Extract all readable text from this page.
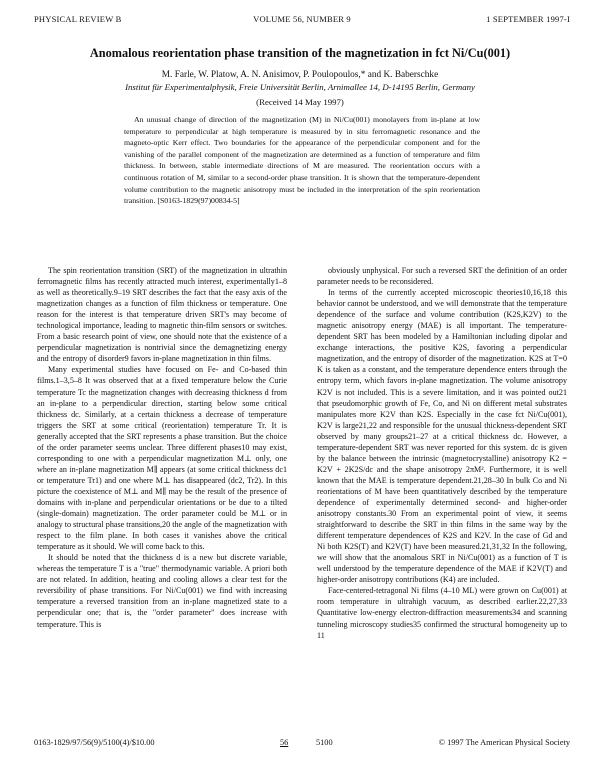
PHYSICAL REVIEW B	VOLUME 56, NUMBER 9	1 SEPTEMBER 1997-I
Anomalous reorientation phase transition of the magnetization in fct Ni/Cu(001)
M. Farle, W. Platow, A. N. Anisimov, P. Poulopoulos,* and K. Baberschke
Institut für Experimentalphysik, Freie Universität Berlin, Arnimallee 14, D-14195 Berlin, Germany
(Received 14 May 1997)
An unusual change of direction of the magnetization (M) in Ni/Cu(001) monolayers from in-plane at low temperature to perpendicular at high temperature is measured by in situ ferromagnetic resonance and the magneto-optic Kerr effect. Two boundaries for the appearance of the perpendicular component and for the vanishing of the parallel component of the magnetization are determined as a function of temperature and film thickness. In between, stable intermediate directions of M are measured. The reorientation occurs with a continuous rotation of M, similar to a second-order phase transition. It is shown that the temperature-dependent volume contribution to the magnetic anisotropy must be included in the interpretation of the spin reorientation transition. [S0163-1829(97)00834-5]

The spin reorientation transition (SRT) of the magnetization in ultrathin ferromagnetic films has recently attracted much interest, experimentally1–8 as well as theoretically.9–19 SRT describes the fact that the easy axis of the magnetization changes as a function of film thickness or temperature. One reason for the interest is that temperature driven SRT's may become of technological importance, leading to magnetic thin-film sensors or switches. From a basic research point of view, one should note that the existence of a perpendicular magnetization is nontrivial since the demagnetizing energy and the entropy of disorder9 favors in-plane magnetization in thin films.

Many experimental studies have focused on Fe- and Co-based thin films.1–3,5–8 It was observed that at a fixed temperature below the Curie temperature Tc the magnetization changes with decreasing thickness d from an in-plane to a perpendicular direction, starting below some critical thickness dc. Similarly, at a certain thickness a decrease of temperature triggers the SRT at some critical (reorientation) temperature Tr. It is generally accepted that the SRT represents a phase transition. But the choice of the order parameter seems unclear. Three different phases10 may exist, corresponding to one with a perpendicular magnetization M⊥ only, one where an in-plane magnetization M∥ appears (at some critical thickness dc1 or temperature Tr1) and one where M⊥ has disappeared (dc2, Tr2). In this picture the coexistence of M⊥ and M∥ may be the result of the presence of domains with in-plane and perpendicular orientations or be due to a tilted (single-domain) magnetization. The order parameter could be M⊥ or in analogy to structural phase transitions,20 the angle of the magnetization with respect to the film plane. In both cases it vanishes above the critical temperature as it should. We will come back to this.

It should be noted that the thickness d is a new but discrete variable, whereas the temperature T is a "true" thermodynamic variable. A priori both are not related. In addition, heating and cooling allows a clear test for the reversibility of phase transitions. For Ni/Cu(001) we find with increasing temperature a reversed transition from an in-plane magnetized state to a perpendicular one; that is, the "order parameter" does increase with temperature. This is

obviously unphysical. For such a reversed SRT the definition of an order parameter needs to be reconsidered.

In terms of the currently accepted microscopic theories10,16,18 this behavior cannot be understood, and we will demonstrate that the temperature dependence of the surface and volume contribution (K2S,K2V) to the magnetic anisotropy energy (MAE) is all important. The temperature-dependent SRT has been modeled by a Hamiltonian including dipolar and exchange interactions, the positive K2S, favoring a perpendicular magnetization, and the entropy of disorder of the magnetization. K2S at T=0 K is taken as a constant, and the temperature dependence enters through the entropy term, which favors in-plane magnetization. The volume anisotropy K2V is not included. This is a severe limitation, and it was pointed out21 that pseudomorphic growth of Fe, Co, and Ni on different metal substrates manipulates more K2V than K2S. Especially in the case fct Ni/Cu(001), K2V is large21,22 and responsible for the unusual thickness-dependent SRT observed by many groups21–27 at a critical thickness dc. However, a temperature-dependent SRT was never reported for this system. dc is given by the balance between the intrinsic (magnetocrystalline) anisotropy K2 = K2V + 2K2S/dc and the shape anisotropy 2πM². Furthermore, it is well known that the MAE is temperature dependent.21,28–30 In bulk Co and Ni reorientations of M have been quantitatively described by the temperature dependence of experimentally determined second- and higher-order anisotropy constants.30 From an experimental point of view, it seems straightforward to describe the SRT in thin films in the same way by the different temperature dependences of K2S and K2V. In the case of Gd and Ni both K2S(T) and K2V(T) have been measured.21,31,32 In the following, we will show that the anomalous SRT in Ni/Cu(001) as a function of T is well understood by the temperature dependence of the MAE if K2V(T) and higher-order anisotropy contributions (K4) are included.

Face-centered-tetragonal Ni films (4–10 ML) were grown on Cu(001) at room temperature in ultrahigh vacuum, as described earlier.22,27,33 Quantitative low-energy electron-diffraction measurements34 and scanning tunneling microscopy studies35 confirmed the structural homogeneity up to 11

0163-1829/97/56(9)/5100(4)/$10.00	56	5100	© 1997 The American Physical Society
